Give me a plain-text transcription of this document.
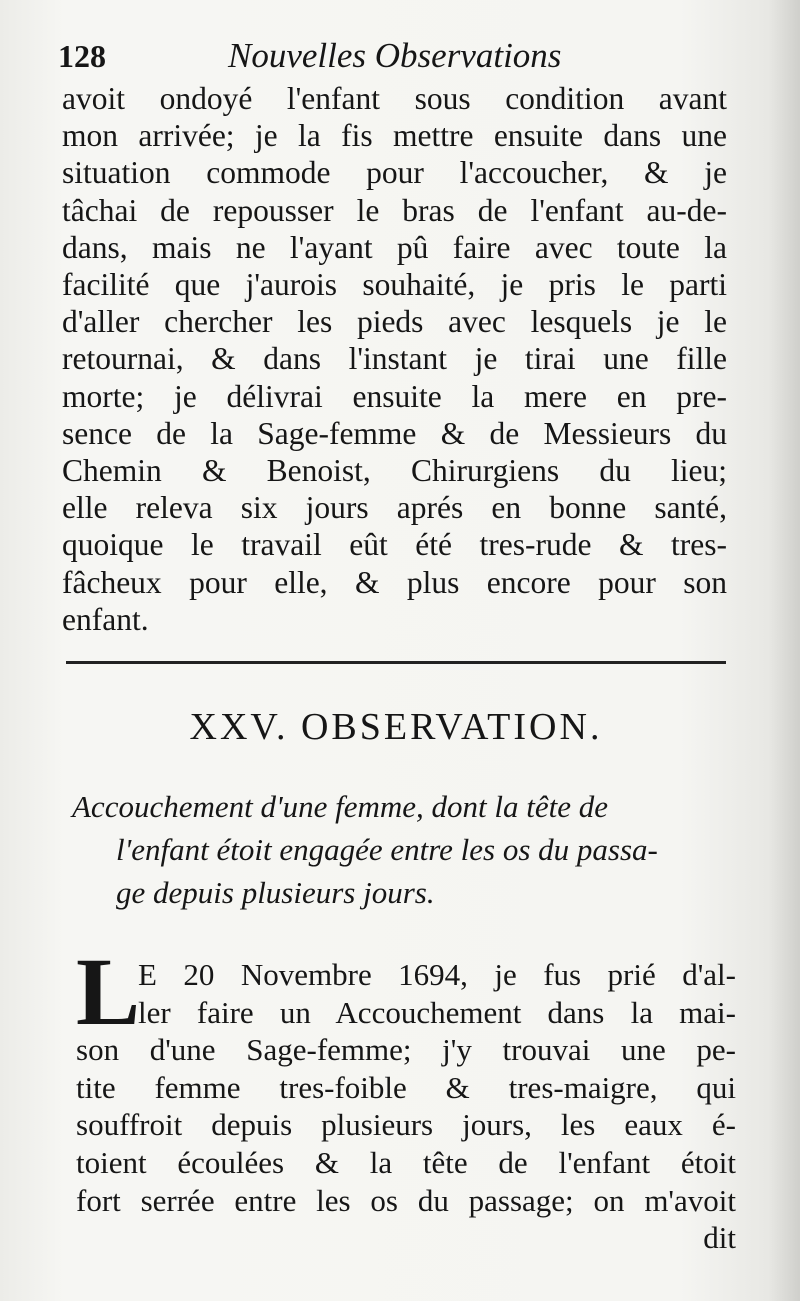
128	Nouvelles Observations
avoit ondoyé l'enfant sous condition avant
mon arrivée; je la fis mettre ensuite dans une
situation commode pour l'accoucher, & je
tâchai de repousser le bras de l'enfant au-de-
dans, mais ne l'ayant pû faire avec toute la
facilité que j'aurois souhaité, je pris le parti
d'aller chercher les pieds avec lesquels je le
retournai, & dans l'instant je tirai une fille
morte; je délivrai ensuite la mere en pre-
sence de la Sage-femme & de Messieurs du
Chemin & Benoist, Chirurgiens du lieu;
elle releva six jours aprés en bonne santé,
quoique le travail eût été tres-rude & tres-
fâcheux pour elle, & plus encore pour son
enfant.
XXV. OBSERVATION.
Accouchement d'une femme, dont la tête de
l'enfant étoit engagée entre les os du passa-
ge depuis plusieurs jours.
L
E 20 Novembre 1694, je fus prié d'al-
ler faire un Accouchement dans la mai-
son d'une Sage-femme; j'y trouvai une pe-
tite femme tres-foible & tres-maigre, qui
souffroit depuis plusieurs jours, les eaux é-
toient écoulées & la tête de l'enfant étoit
fort serrée entre les os du passage; on m'avoit
dit
